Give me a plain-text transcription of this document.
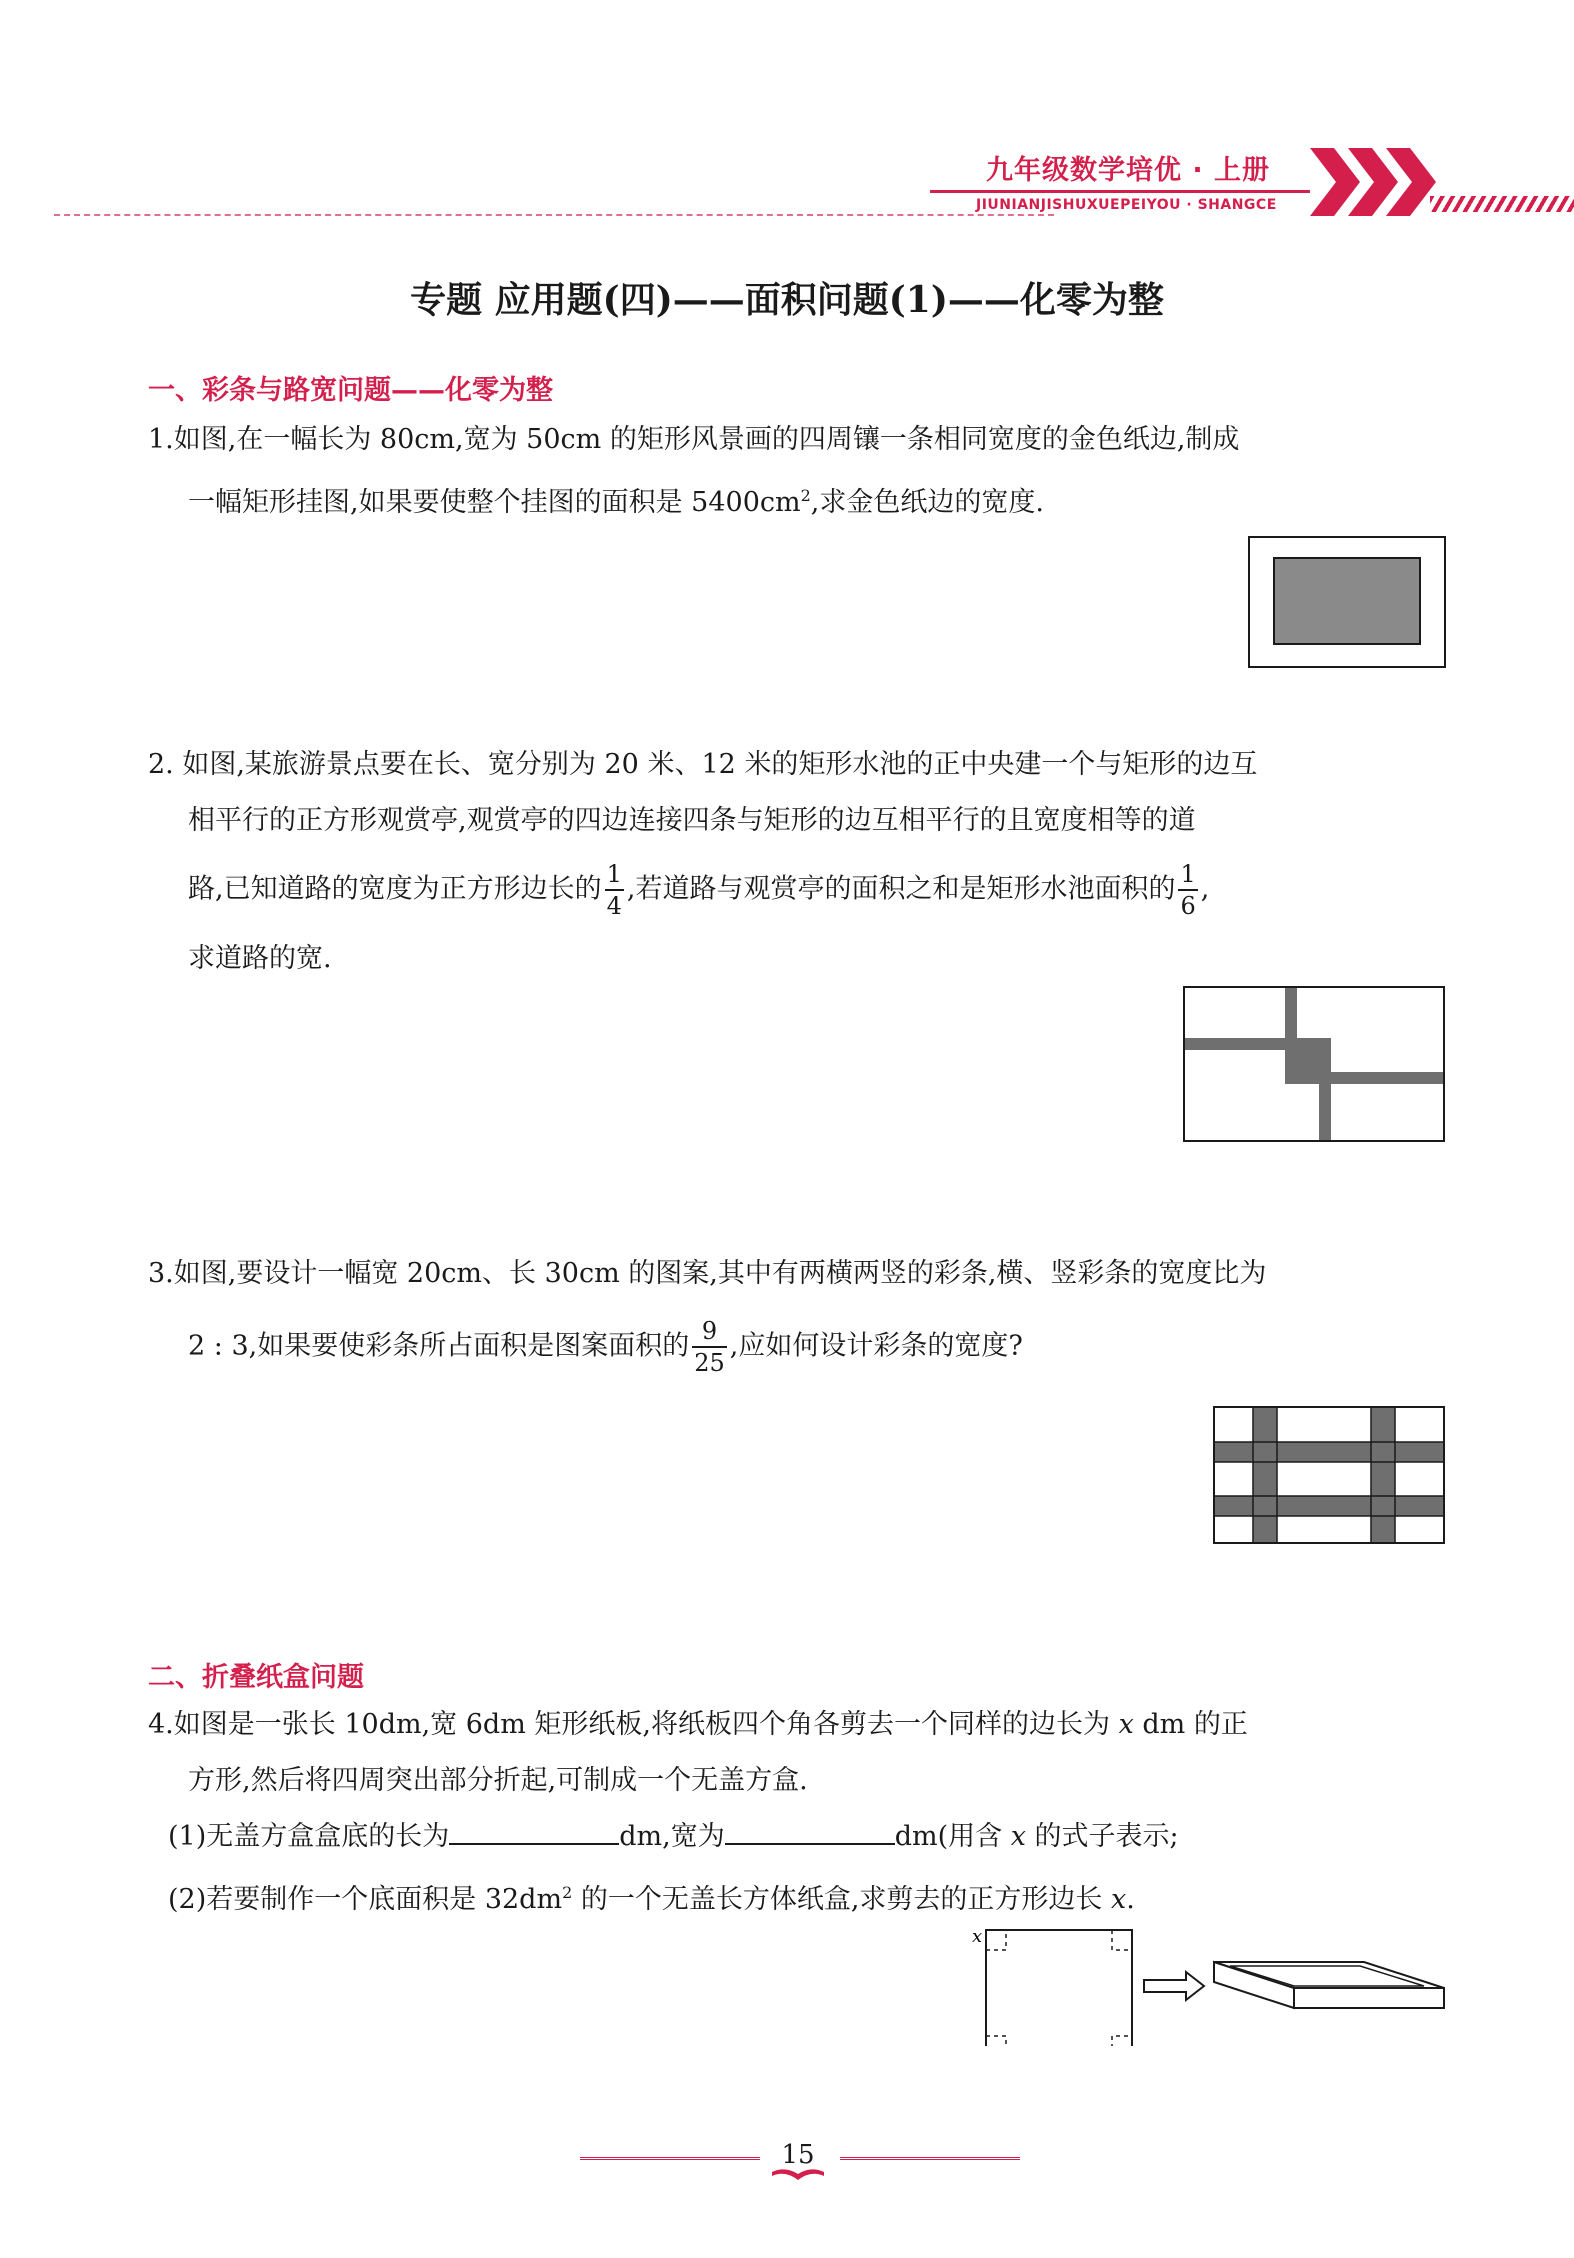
九年级数学培优 · 上册
JIUNIANJISHUXUEPEIYOU · SHANGCE
专题 应用题(四)——面积问题(1)——化零为整
一、彩条与路宽问题——化零为整
1.如图,在一幅长为 80cm,宽为 50cm 的矩形风景画的四周镶一条相同宽度的金色纸边,制成
一幅矩形挂图,如果要使整个挂图的面积是 $5400cm^2$,求金色纸边的宽度.
2. 如图,某旅游景点要在长、宽分别为 20 米、12 米的矩形水池的正中央建一个与矩形的边互
相平行的正方形观赏亭,观赏亭的四边连接四条与矩形的边互相平行的且宽度相等的道
路,已知道路的宽度为正方形边长的 $\frac{1}{4}$ ,若道路与观赏亭的面积之和是矩形水池面积的 $\frac{1}{6}$ ,
求道路的宽.
3.如图,要设计一幅宽 20cm、长 30cm 的图案,其中有两横两竖的彩条,横、竖彩条的宽度比为
2 : 3,如果要使彩条所占面积是图案面积的 $\frac{9}{25}$ ,应如何设计彩条的宽度?
二、折叠纸盒问题
4.如图是一张长 10dm,宽 6dm 矩形纸板,将纸板四个角各剪去一个同样的边长为 x dm 的正
方形,然后将四周突出部分折起,可制成一个无盖方盒.
(1)无盖方盒盒底的长为	dm,宽为	dm(用含 x 的式子表示;
(2)若要制作一个底面积是 $32dm^2$ 的一个无盖长方体纸盒,求剪去的正方形边长 x.
x
15
